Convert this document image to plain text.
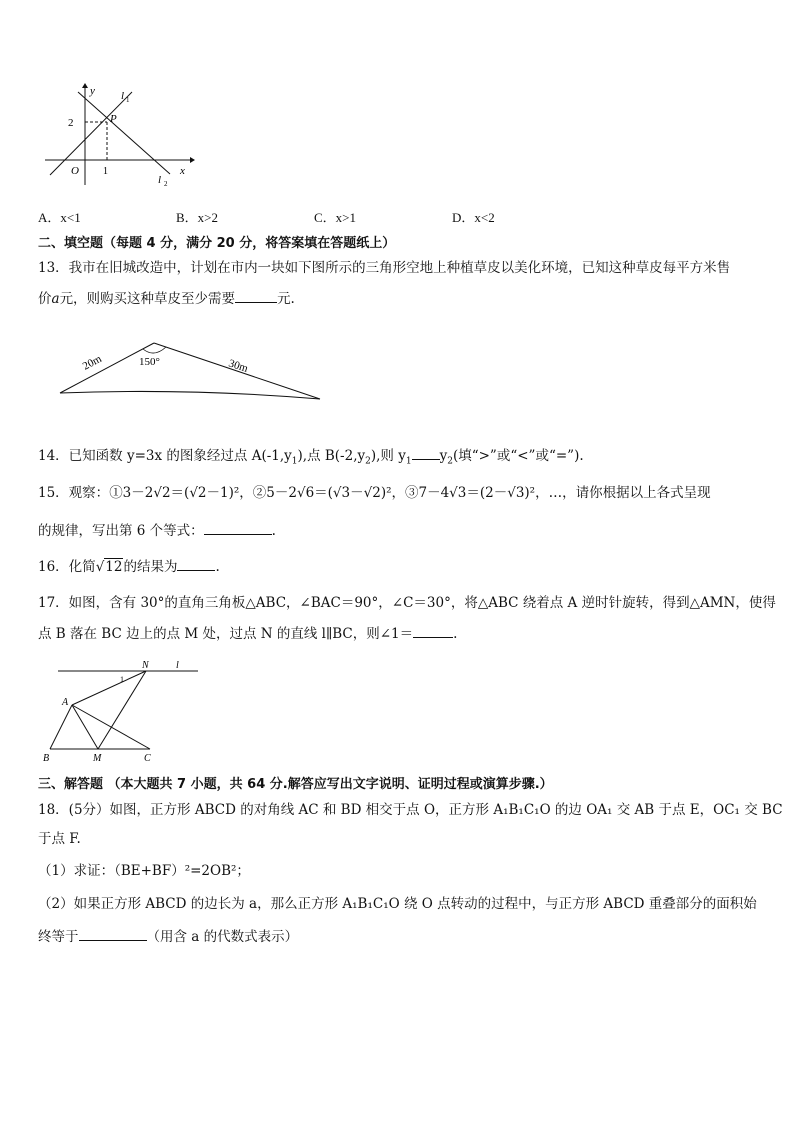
y
x
O 1
2	P
l 1
l 2
A．x<1	B．x>2	C．x>1	D．x<2
二、填空题（每题 4 分，满分 20 分，将答案填在答题纸上）
13．我市在旧城改造中，计划在市内一块如下图所示的三角形空地上种植草皮以美化环境，已知这种草皮每平方米售
价a元，则购买这种草皮至少需要	元.
20m	150°	30m
14．已知函数 y=3x 的图象经过点 $A(-1,y_1)$,点 $B(-2,y_2)$,则 $y_1$ $y_2$(填“>”或“<”或“=”).
15．观察：①3－2√2＝(√2－1)²，②5－2√6＝(√3－√2)²，③7－4√3＝(2－√3)²，…，请你根据以上各式呈现
的规律，写出第 6 个等式：	.
16．化简√12的结果为	.
17．如图，含有 30°的直角三角板△ABC，∠BAC＝90°，∠C＝30°，将△ABC 绕着点 A 逆时针旋转，得到△AMN，使得
点 B 落在 BC 边上的点 M 处，过点 N 的直线 l∥BC，则∠1＝	.
N	l
1
A
B	M	C
三、解答题 （本大题共 7 小题，共 64 分.解答应写出文字说明、证明过程或演算步骤.）
18．(5分）如图，正方形 ABCD 的对角线 AC 和 BD 相交于点 O，正方形 A₁B₁C₁O 的边 OA₁ 交 AB 于点 E，OC₁ 交 BC
于点 F.
（1）求证：（BE+BF）²=2OB²；
（2）如果正方形 ABCD 的边长为 a，那么正方形 A₁B₁C₁O 绕 O 点转动的过程中，与正方形 ABCD 重叠部分的面积始
终等于	（用含 a 的代数式表示）
